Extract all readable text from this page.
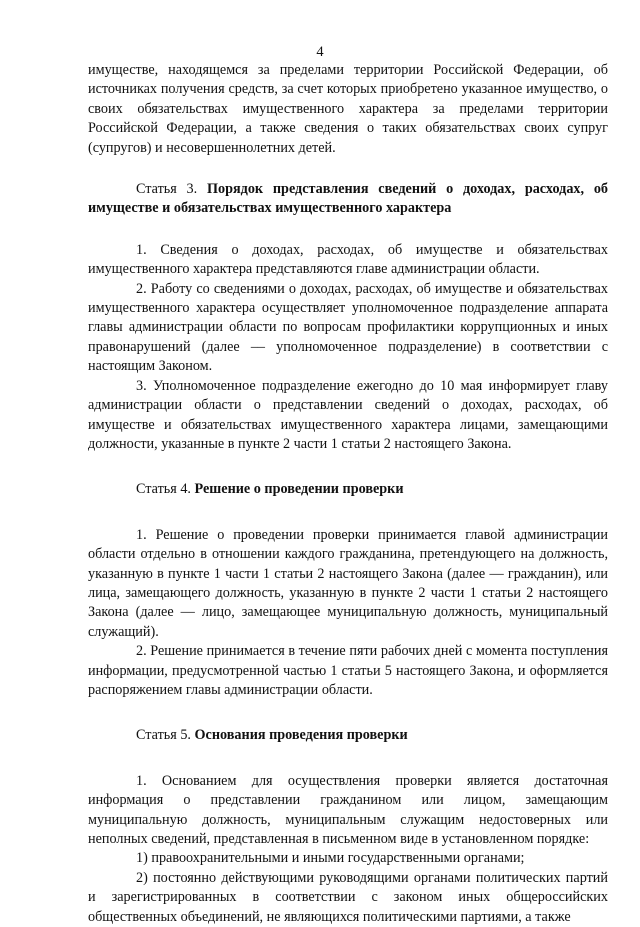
4

имуществе, находящемся за пределами территории Российской Федерации, об источниках получения средств, за счет которых приобретено указанное имущество, о своих обязательствах имущественного характера за пределами территории Российской Федерации, а также сведения о таких обязательствах своих супруг (супругов) и несовершеннолетних детей.

Статья 3. Порядок представления сведений о доходах, расходах, об имуществе и обязательствах имущественного характера

1. Сведения о доходах, расходах, об имуществе и обязательствах имущественного характера представляются главе администрации области.

2. Работу со сведениями о доходах, расходах, об имуществе и обязательствах имущественного характера осуществляет уполномоченное подразделение аппарата главы администрации области по вопросам профилактики коррупционных и иных правонарушений (далее –– уполномоченное подразделение) в соответствии с настоящим Законом.

3. Уполномоченное подразделение ежегодно до 10 мая информирует главу администрации области о представлении сведений о доходах, расходах, об имуществе и обязательствах имущественного характера лицами, замещающими должности, указанные в пункте 2 части 1 статьи 2 настоящего Закона.

Статья 4. Решение о проведении проверки

1. Решение о проведении проверки принимается главой администрации области отдельно в отношении каждого гражданина, претендующего на должность, указанную в пункте 1 части 1 статьи 2 настоящего Закона (далее — гражданин), или лица, замещающего должность, указанную в пункте 2 части 1 статьи 2 настоящего Закона (далее — лицо, замещающее муниципальную должность, муниципальный служащий).

2. Решение принимается в течение пяти рабочих дней с момента поступления информации, предусмотренной частью 1 статьи 5 настоящего Закона, и оформляется распоряжением главы администрации области.

Статья 5. Основания проведения проверки

1. Основанием для осуществления проверки является достаточная информация о представлении гражданином или лицом, замещающим муниципальную должность, муниципальным служащим недостоверных или неполных сведений, представленная в письменном виде в установленном порядке:

1) правоохранительными и иными государственными органами;

2) постоянно действующими руководящими органами политических партий и зарегистрированных в соответствии с законом иных общероссийских общественных объединений, не являющихся политическими партиями, а также
